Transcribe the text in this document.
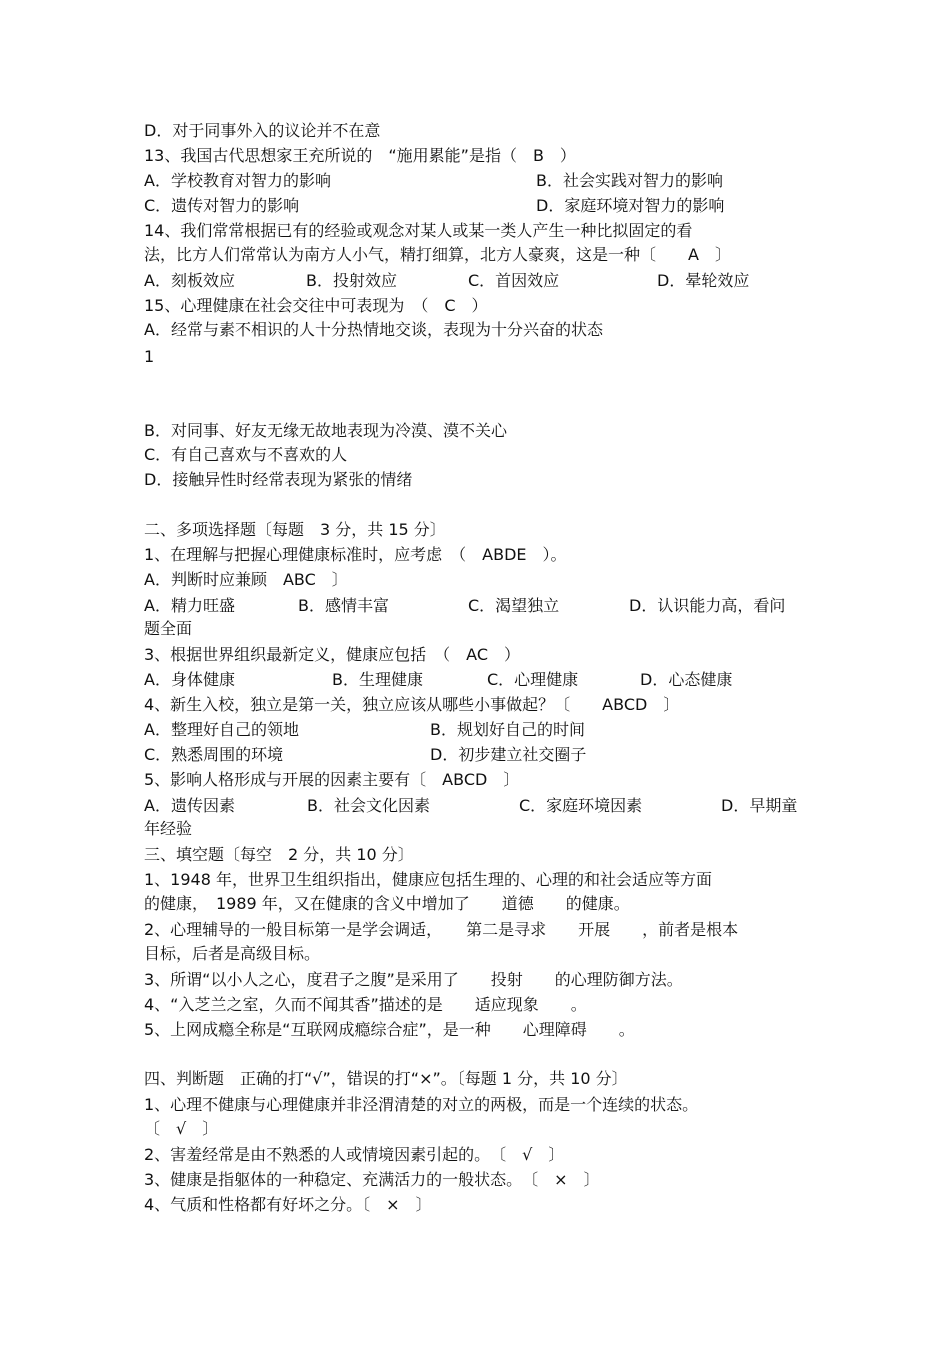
D．对于同事外入的议论并不在意
13、我国古代思想家王充所说的　“施用累能”是指（　B　）
A．学校教育对智力的影响	B．社会实践对智力的影响
C．遗传对智力的影响	D．家庭环境对智力的影响
14、我们常常根据已有的经验或观念对某人或某一类人产生一种比拟固定的看
法，比方人们常常认为南方人小气，精打细算，北方人豪爽，这是一种〔　　A　〕
A．刻板效应	B．投射效应	C．首因效应	D．晕轮效应
15、心理健康在社会交往中可表现为　（　C　）
A．经常与素不相识的人十分热情地交谈，表现为十分兴奋的状态
1
B．对同事、好友无缘无故地表现为冷漠、漠不关心
C．有自己喜欢与不喜欢的人
D．接触异性时经常表现为紧张的情绪
二、多项选择题〔每题　3 分，共 15 分〕
1、在理解与把握心理健康标准时，应考虑　（　ABDE　）。
A．判断时应兼顾　ABC　〕
A．精力旺盛	B．感情丰富	C．渴望独立	D．认识能力高，看问
题全面
3、根据世界组织最新定义，健康应包括　（　AC　）
A．身体健康	B．生理健康	C．心理健康	D．心态健康
4、新生入校，独立是第一关，独立应该从哪些小事做起？〔　　ABCD　〕
A．整理好自己的领地	B．规划好自己的时间
C．熟悉周围的环境	D．初步建立社交圈子
5、影响人格形成与开展的因素主要有〔　ABCD　〕
A．遗传因素	B．社会文化因素	C．家庭环境因素	D．早期童
年经验
三、填空题〔每空　2 分，共 10 分〕
1、1948 年，世界卫生组织指出，健康应包括生理的、心理的和社会适应等方面
的健康，　1989 年，又在健康的含义中增加了　　道德　　的健康。
2、心理辅导的一般目标第一是学会调适，　　第二是寻求　　开展　　，前者是根本
目标，后者是高级目标。
3、所谓“以小人之心，度君子之腹”是采用了　　投射　　的心理防御方法。
4、“入芝兰之室，久而不闻其香”描述的是　　适应现象　　。
5、上网成瘾全称是“互联网成瘾综合症”，是一种　　心理障碍　　。
四、判断题　正确的打“√”，错误的打“×”。〔每题 1 分，共 10 分〕
1、心理不健康与心理健康并非泾渭清楚的对立的两极，而是一个连续的状态。
〔　√　〕
2、害羞经常是由不熟悉的人或情境因素引起的。　〔　√　〕
3、健康是指躯体的一种稳定、充满活力的一般状态。　〔　×　〕
4、气质和性格都有好坏之分。〔　×　〕
